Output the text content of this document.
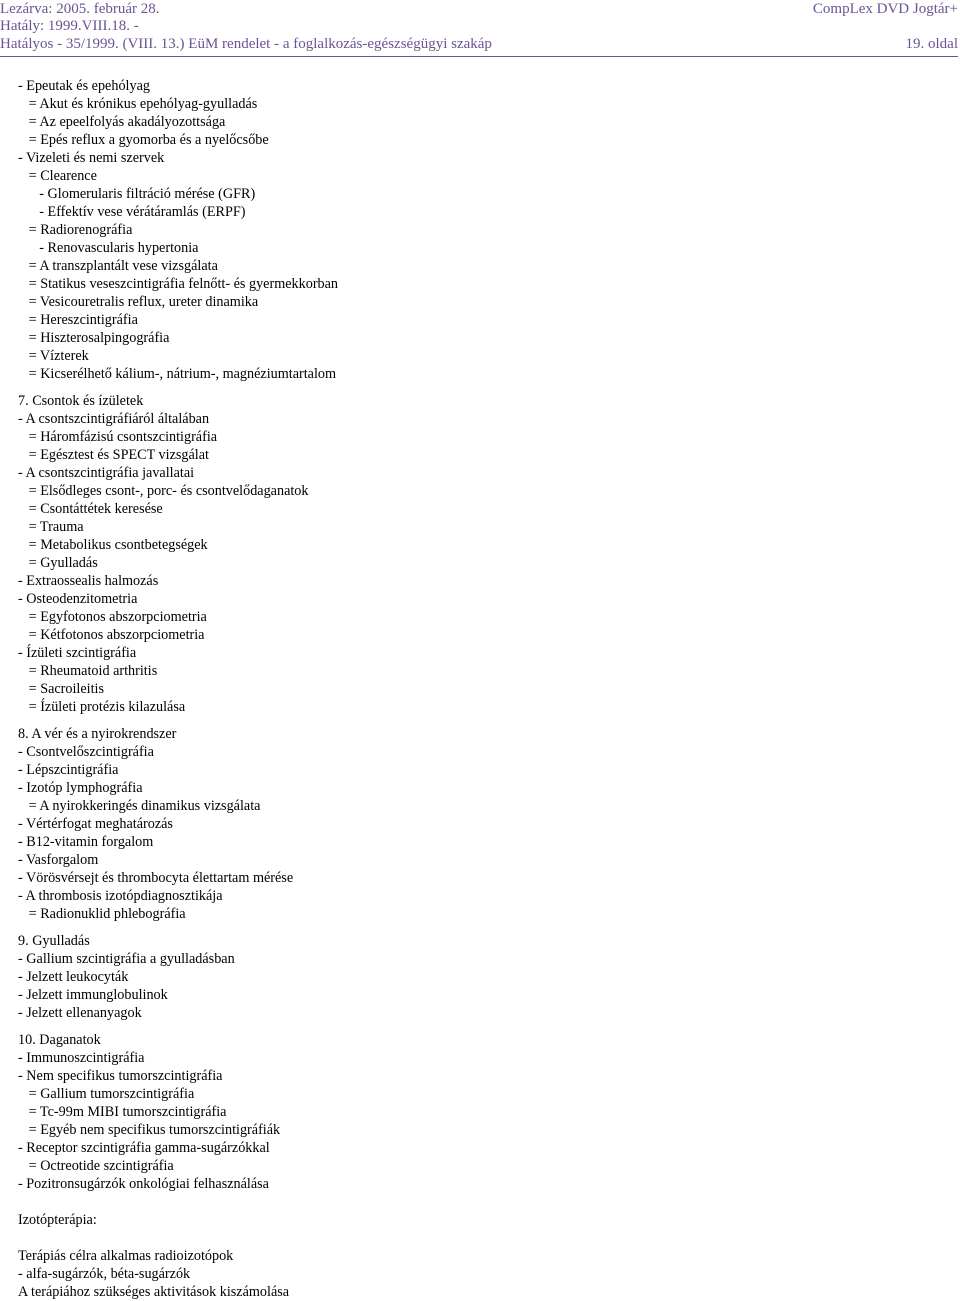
Lezárva: 2005. február 28.	CompLex DVD Jogtár+
Hatály: 1999.VIII.18. -
Hatályos - 35/1999. (VIII. 13.) EüM rendelet - a foglalkozás-egészségügyi szakáp	19. oldal
- Epeutak és epehólyag
= Akut és krónikus epehólyag-gyulladás
= Az epeelfolyás akadályozottsága
= Epés reflux a gyomorba és a nyelőcsőbe
- Vizeleti és nemi szervek
= Clearence
- Glomerularis filtráció mérése (GFR)
- Effektív vese vérátáramlás (ERPF)
= Radiorenográfia
- Renovascularis hypertonia
= A transzplantált vese vizsgálata
= Statikus veseszcintigráfia felnőtt- és gyermekkorban
= Vesicouretralis reflux, ureter dinamika
= Hereszcintigráfia
= Hiszterosalpingográfia
= Vízterek
= Kicserélhető kálium-, nátrium-, magnéziumtartalom
7. Csontok és ízületek
- A csontszcintigráfiáról általában
= Háromfázisú csontszcintigráfia
= Egésztest és SPECT vizsgálat
- A csontszcintigráfia javallatai
= Elsődleges csont-, porc- és csontvelődaganatok
= Csontáttétek keresése
= Trauma
= Metabolikus csontbetegségek
= Gyulladás
- Extraossealis halmozás
- Osteodenzitometria
= Egyfotonos abszorpciometria
= Kétfotonos abszorpciometria
- Ízületi szcintigráfia
= Rheumatoid arthritis
= Sacroileitis
= Ízületi protézis kilazulása
8. A vér és a nyirokrendszer
- Csontvelőszcintigráfia
- Lépszcintigráfia
- Izotóp lymphográfia
= A nyirokkeringés dinamikus vizsgálata
- Vértérfogat meghatározás
- B12-vitamin forgalom
- Vasforgalom
- Vörösvérsejt és thrombocyta élettartam mérése
- A thrombosis izotópdiagnosztikája
= Radionuklid phlebográfia
9. Gyulladás
- Gallium szcintigráfia a gyulladásban
- Jelzett leukocyták
- Jelzett immunglobulinok
- Jelzett ellenanyagok
10. Daganatok
- Immunoszcintigráfia
- Nem specifikus tumorszcintigráfia
= Gallium tumorszcintigráfia
= Tc-99m MIBI tumorszcintigráfia
= Egyéb nem specifikus tumorszcintigráfiák
- Receptor szcintigráfia gamma-sugárzókkal
= Octreotide szcintigráfia
- Pozitronsugárzók onkológiai felhasználása
Izotópterápia:
Terápiás célra alkalmas radioizotópok
- alfa-sugárzók, béta-sugárzók
A terápiához szükséges aktivitások kiszámolása
